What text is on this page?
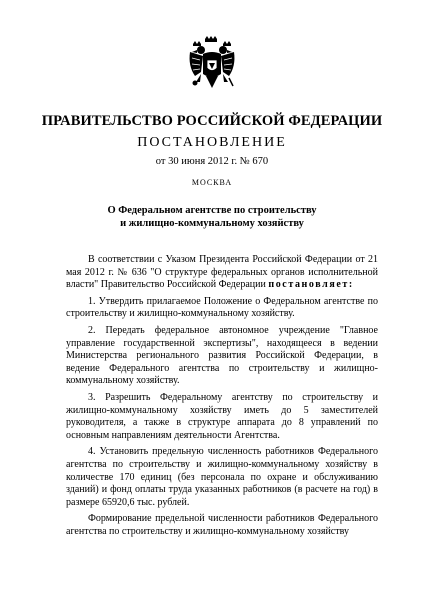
ПРАВИТЕЛЬСТВО РОССИЙСКОЙ ФЕДЕРАЦИИ
ПОСТАНОВЛЕНИЕ
от 30 июня 2012 г. № 670
МОСКВА
О Федеральном агентстве по строительству
и жилищно-коммунальному хозяйству

В соответствии с Указом Президента Российской Федерации от 21 мая 2012 г. № 636 "О структуре федеральных органов исполнительной власти" Правительство Российской Федерации постановляет:

1. Утвердить прилагаемое Положение о Федеральном агентстве по строительству и жилищно-коммунальному хозяйству.

2. Передать федеральное автономное учреждение "Главное управление государственной экспертизы", находящееся в ведении Министерства регионального развития Российской Федерации, в ведение Федерального агентства по строительству и жилищно-коммунальному хозяйству.

3. Разрешить Федеральному агентству по строительству и жилищно-коммунальному хозяйству иметь до 5 заместителей руководителя, а также в структуре аппарата до 8 управлений по основным направлениям деятельности Агентства.

4. Установить предельную численность работников Федерального агентства по строительству и жилищно-коммунальному хозяйству в количестве 170 единиц (без персонала по охране и обслуживанию зданий) и фонд оплаты труда указанных работников (в расчете на год) в размере 65920,6 тыс. рублей.

Формирование предельной численности работников Федерального агентства по строительству и жилищно-коммунальному хозяйству
